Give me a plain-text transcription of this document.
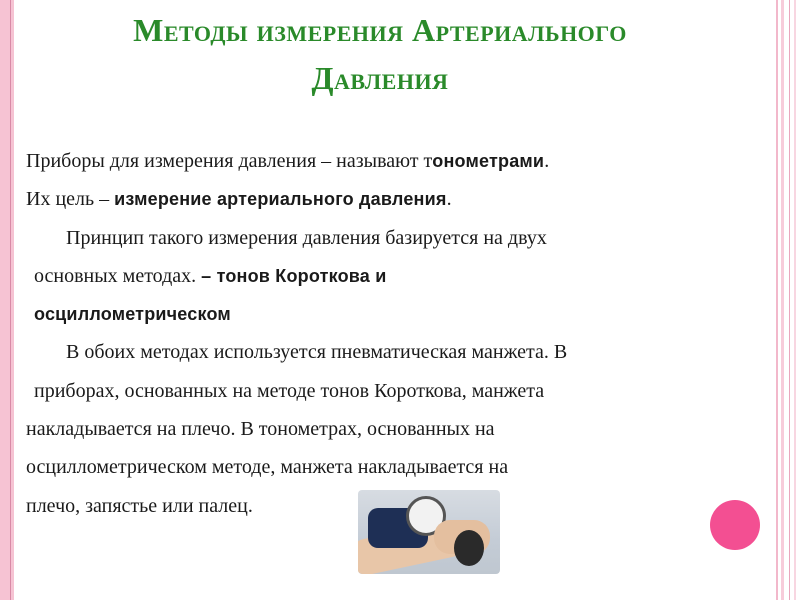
Методы измерения Артериального
Давления
Приборы для измерения давления – называют тонометрами.
Их цель – измерение артериального давления.
Принцип такого измерения давления базируется на двух
основных методах. – тонов Короткова и
осциллометрическом
В обоих методах используется пневматическая манжета. В
приборах, основанных на методе тонов Короткова, манжета
накладывается на плечо. В тонометрах, основанных на
осциллометрическом методе, манжета накладывается на
плечо, запястье или палец.
